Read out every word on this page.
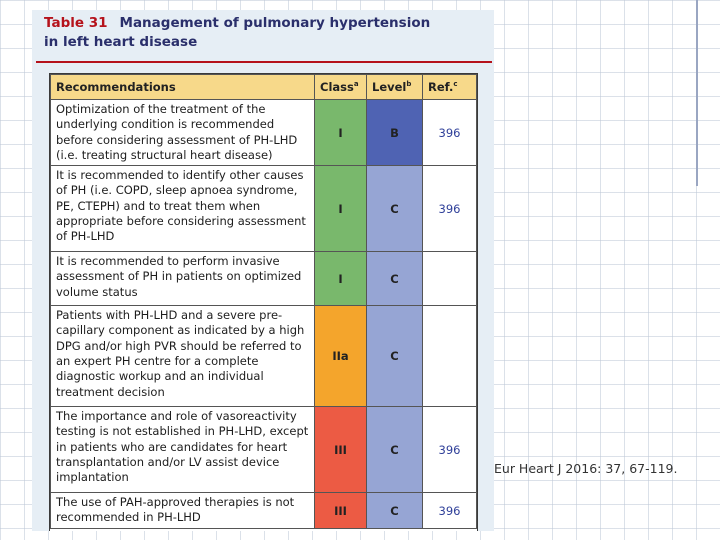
Table 31 Management of pulmonary hypertension
in left heart disease
Recommendations	Class$^a$	Level$^b$	Ref.$^c$
Optimization of the treatment of the underlying condition is recommended before considering assessment of PH-LHD (i.e. treating structural heart disease)	I	B	396
It is recommended to identify other causes of PH (i.e. COPD, sleep apnoea syndrome, PE, CTEPH) and to treat them when appropriate before considering assessment of PH-LHD	I	C	396
It is recommended to perform invasive assessment of PH in patients on optimized volume status	I	C	
Patients with PH-LHD and a severe pre-capillary component as indicated by a high DPG and/or high PVR should be referred to an expert PH centre for a complete diagnostic workup and an individual treatment decision	IIa	C	
The importance and role of vasoreactivity testing is not established in PH-LHD, except in patients who are candidates for heart transplantation and/or LV assist device implantation	III	C	396
The use of PAH-approved therapies is not recommended in PH-LHD	III	C	396
Eur Heart J 2016: 37, 67-119.
